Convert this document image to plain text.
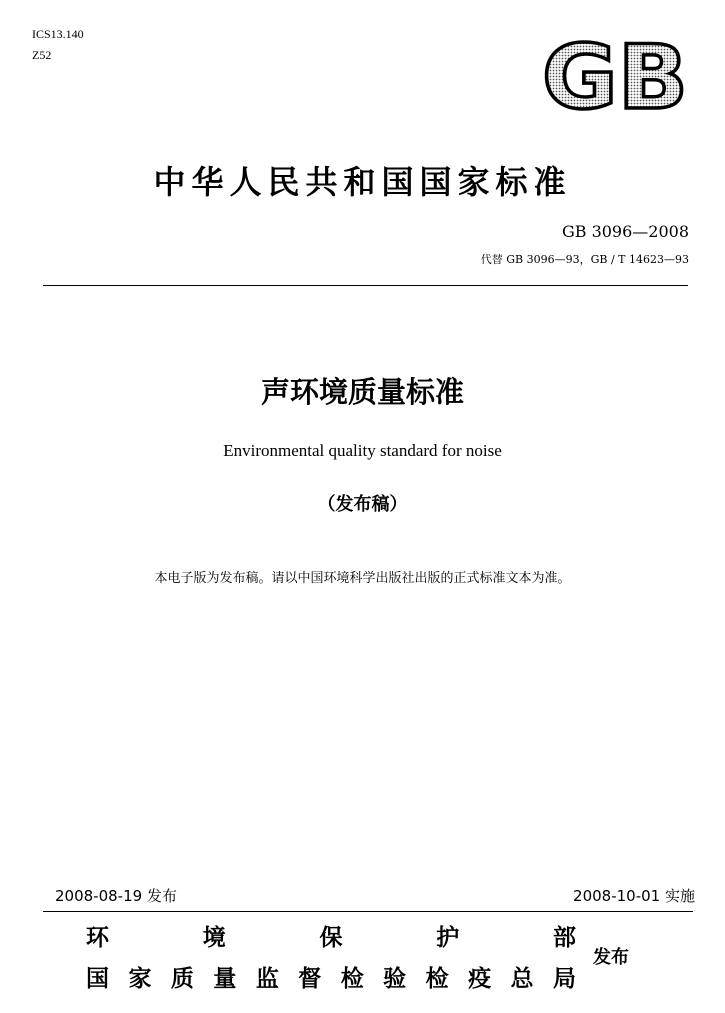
ICS13.140
Z52	GB
中华人民共和国国家标准
GB 3096—2008
代替 GB 3096—93，GB / T 14623—93
声环境质量标准
Environmental quality standard for noise
（发布稿）
本电子版为发布稿。请以中国环境科学出版社出版的正式标准文本为准。
2008-08-19 发布	2008-10-01 实施
环	境	保	护	部
国 家 质 量 监 督 检 验 检 疫 总 局
发布
